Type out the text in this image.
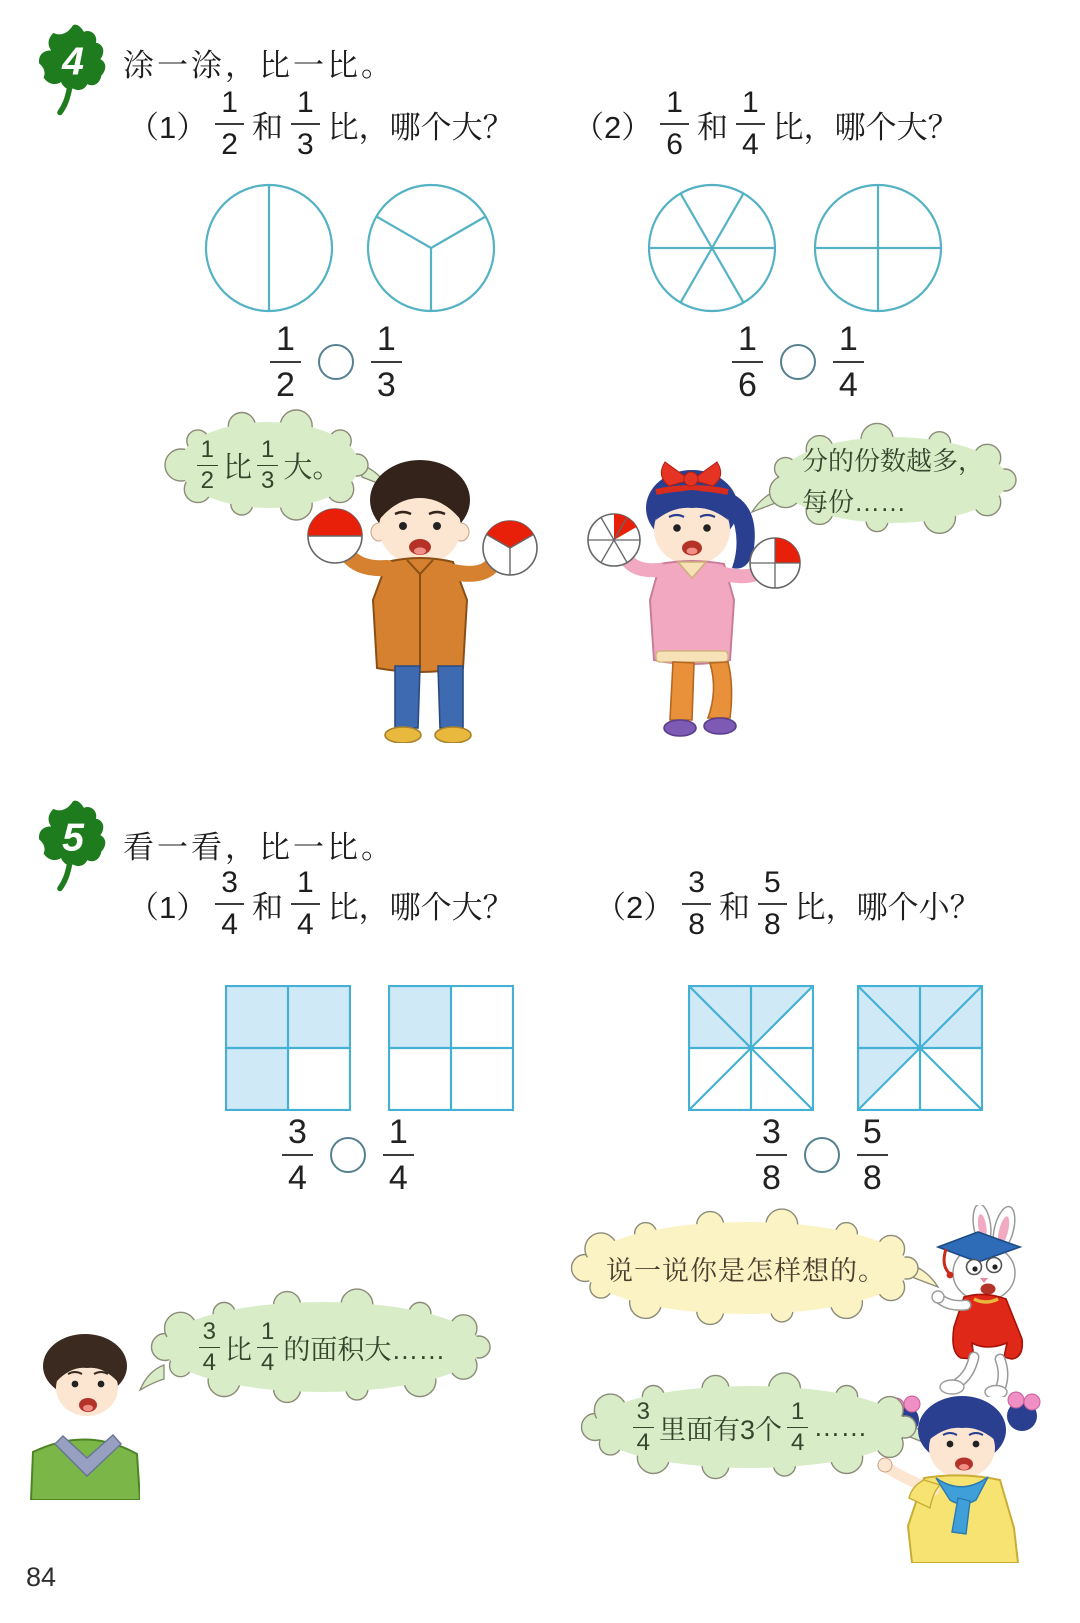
4 涂一涂，比一比。
$(1) \frac{1}{2}$ 和 $\frac{1}{3}$ 比，哪个大？ $(2) \frac{1}{6}$ 和 $\frac{1}{4}$ 比，哪个大？
$\frac{1}{2} \frac{1}{3}$	$\frac{1}{6} \frac{1}{4}$
$\frac{1}{2}$ 比 $\frac{1}{3}$ 大。	分的份数越多，
每份……
5 看一看，比一比。
$(1) \frac{3}{4}$ 和 $\frac{1}{4}$ 比，哪个大？	$(2) \frac{3}{8}$ 和 $\frac{5}{8}$ 比，哪个小？
$\frac{3}{4} \frac{1}{4}$	$\frac{3}{8} \frac{5}{8}$
说一说你是怎样想的。
$\frac{3}{4}$ 比 $\frac{1}{4}$ 的面积大……
$\frac{3}{4}$ 里面有3个 $\frac{1}{4}$ ……
84
